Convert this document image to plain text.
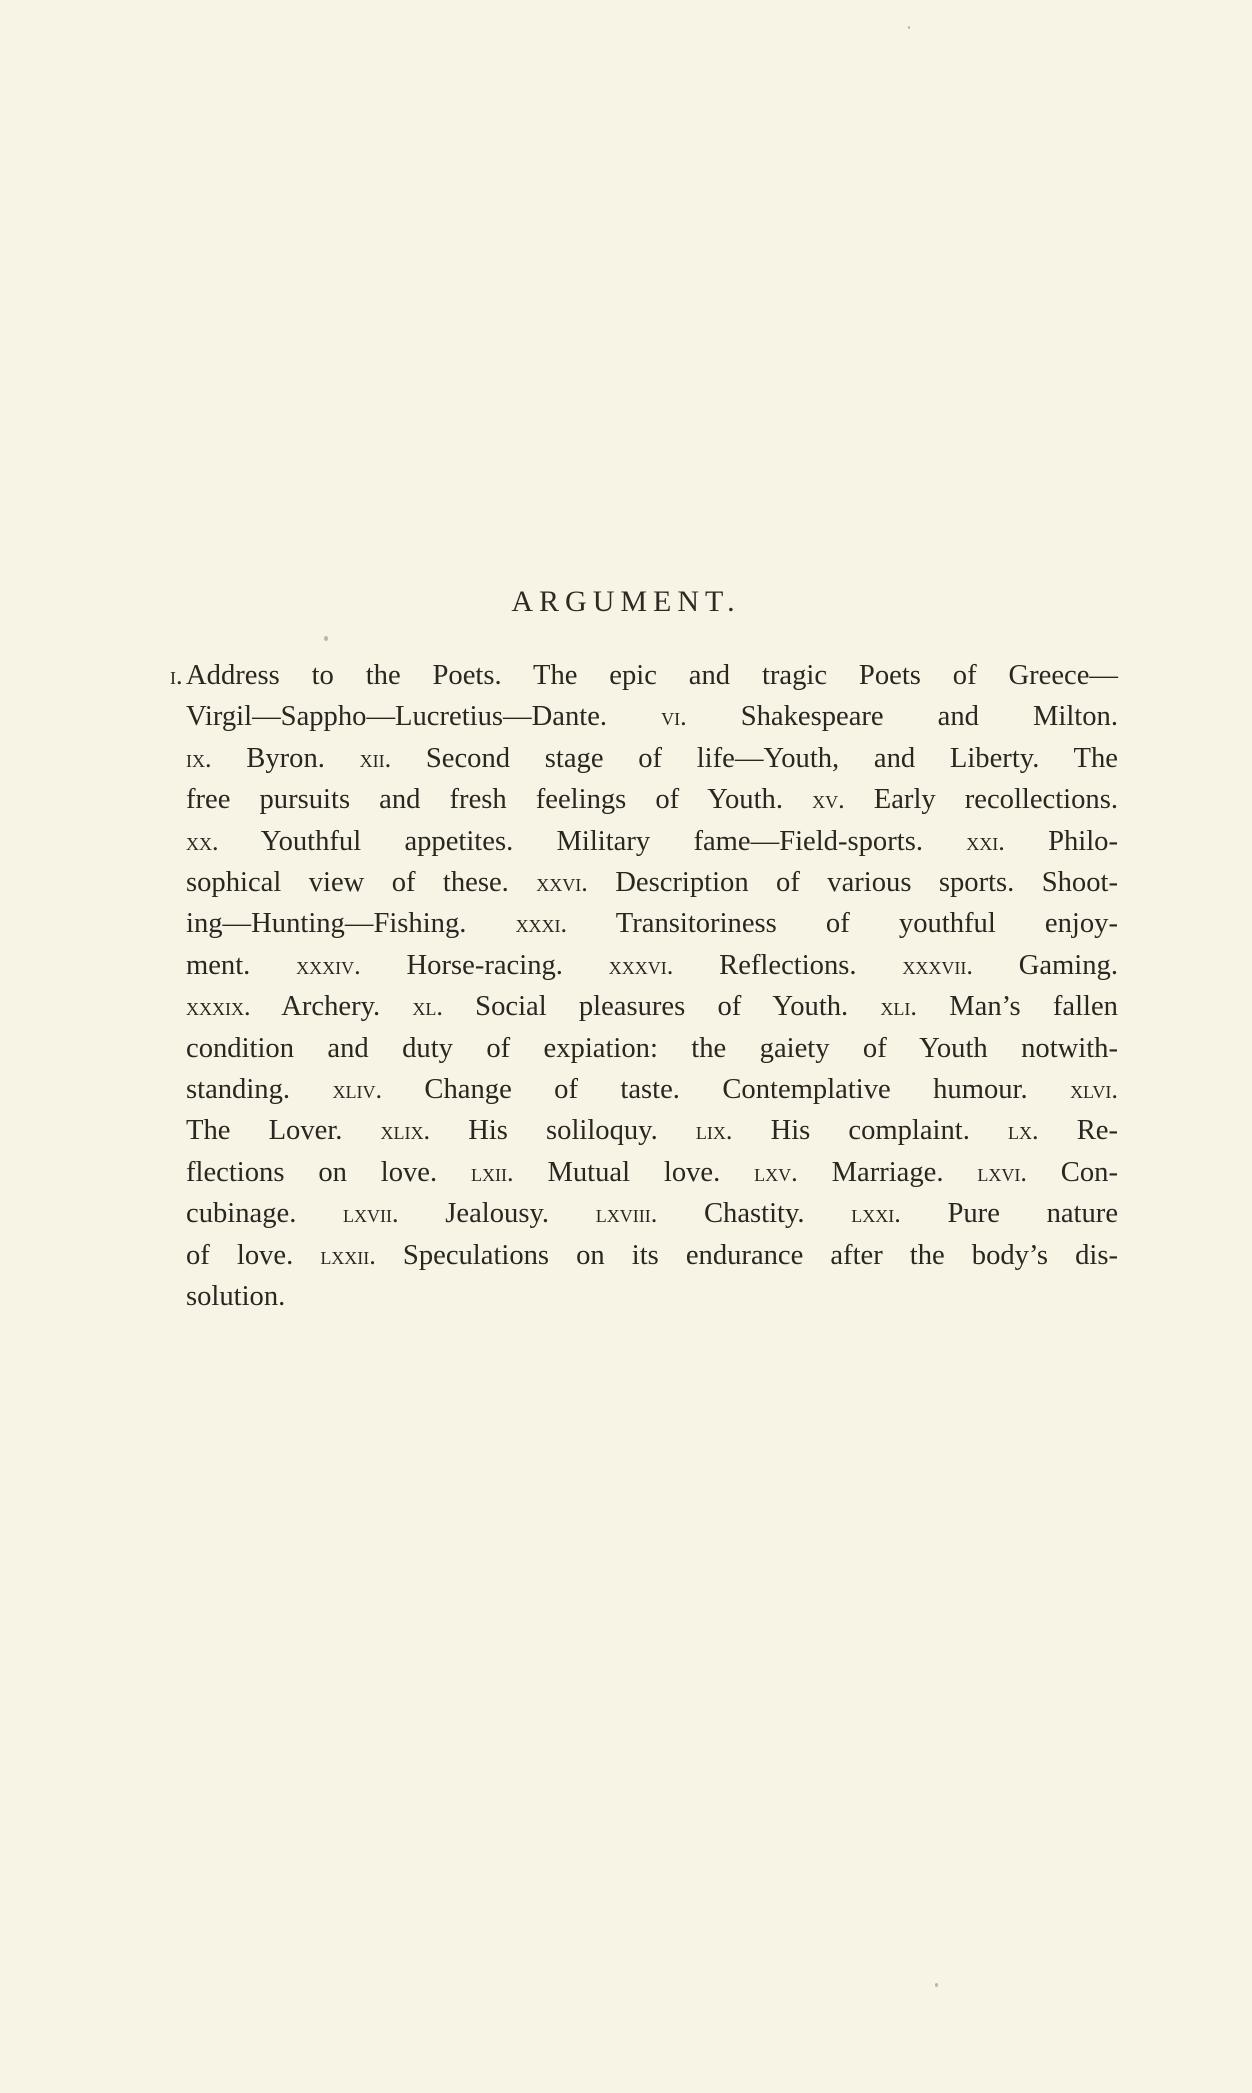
ARGUMENT.

i. Address to the Poets. The epic and tragic Poets of Greece—
Virgil—Sappho—Lucretius—Dante. vi. Shakespeare and Milton.
ix. Byron. xii. Second stage of life—Youth, and Liberty. The
free pursuits and fresh feelings of Youth. xv. Early recollections.
xx. Youthful appetites. Military fame—Field-sports. xxi. Philo-
sophical view of these. xxvi. Description of various sports. Shoot-
ing—Hunting—Fishing. xxxi. Transitoriness of youthful enjoy-
ment. xxxiv. Horse-racing. xxxvi. Reflections. xxxvii. Gaming.
xxxix. Archery. xl. Social pleasures of Youth. xli. Man’s fallen
condition and duty of expiation: the gaiety of Youth notwith-
standing. xliv. Change of taste. Contemplative humour. xlvi.
The Lover. xlix. His soliloquy. lix. His complaint. lx. Re-
flections on love. lxii. Mutual love. lxv. Marriage. lxvi. Con-
cubinage. lxvii. Jealousy. lxviii. Chastity. lxxi. Pure nature
of love. lxxii. Speculations on its endurance after the body’s dis-
solution.
